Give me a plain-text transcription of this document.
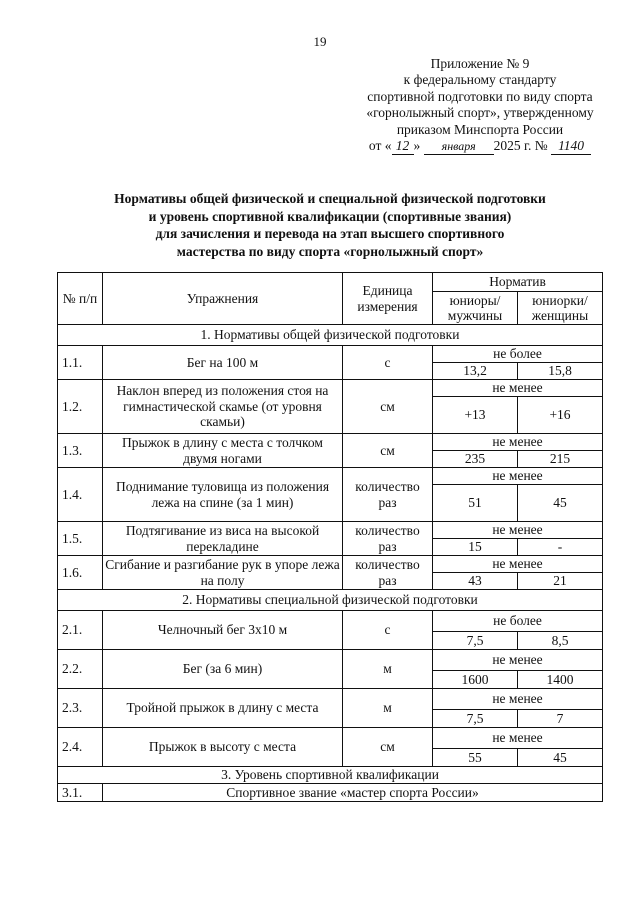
19
Приложение № 9
к федеральному стандарту
спортивной подготовки по виду спорта
«горнолыжный спорт», утвержденному
приказом Минспорта России
от « 12 » января 2025 г. № 1140
Нормативы общей физической и специальной физической подготовки
и уровень спортивной квалификации (спортивные звания)
для зачисления и перевода на этап высшего спортивного
мастерства по виду спорта «горнолыжный спорт»
№ п/п	Упражнения	Единица измерения	Норматив	
			юниоры/ мужчины	юниорки/ женщины
1. Нормативы общей физической подготовки				
1.1.	Бег на 100 м	с	не более	
			13,2	15,8
1.2.	Наклон вперед из положения стоя на гимнастической скамье (от уровня скамьи)	см	не менее	
			+13	+16
1.3.	Прыжок в длину с места с толчком двумя ногами	см	не менее	
			235	215
1.4.	Поднимание туловища из положения лежа на спине (за 1 мин)	количество раз	не менее	
			51	45
1.5.	Подтягивание из виса на высокой перекладине	количество раз	не менее	
			15	-
1.6.	Сгибание и разгибание рук в упоре лежа на полу	количество раз	не менее	
			43	21
2. Нормативы специальной физической подготовки				
2.1.	Челночный бег 3х10 м	с	не более	
			7,5	8,5
2.2.	Бег (за 6 мин)	м	не менее	
			1600	1400
2.3.	Тройной прыжок в длину с места	м	не менее	
			7,5	7
2.4.	Прыжок в высоту с места	см	не менее	
			55	45
3. Уровень спортивной квалификации				
3.1.	Спортивное звание «мастер спорта России»			
